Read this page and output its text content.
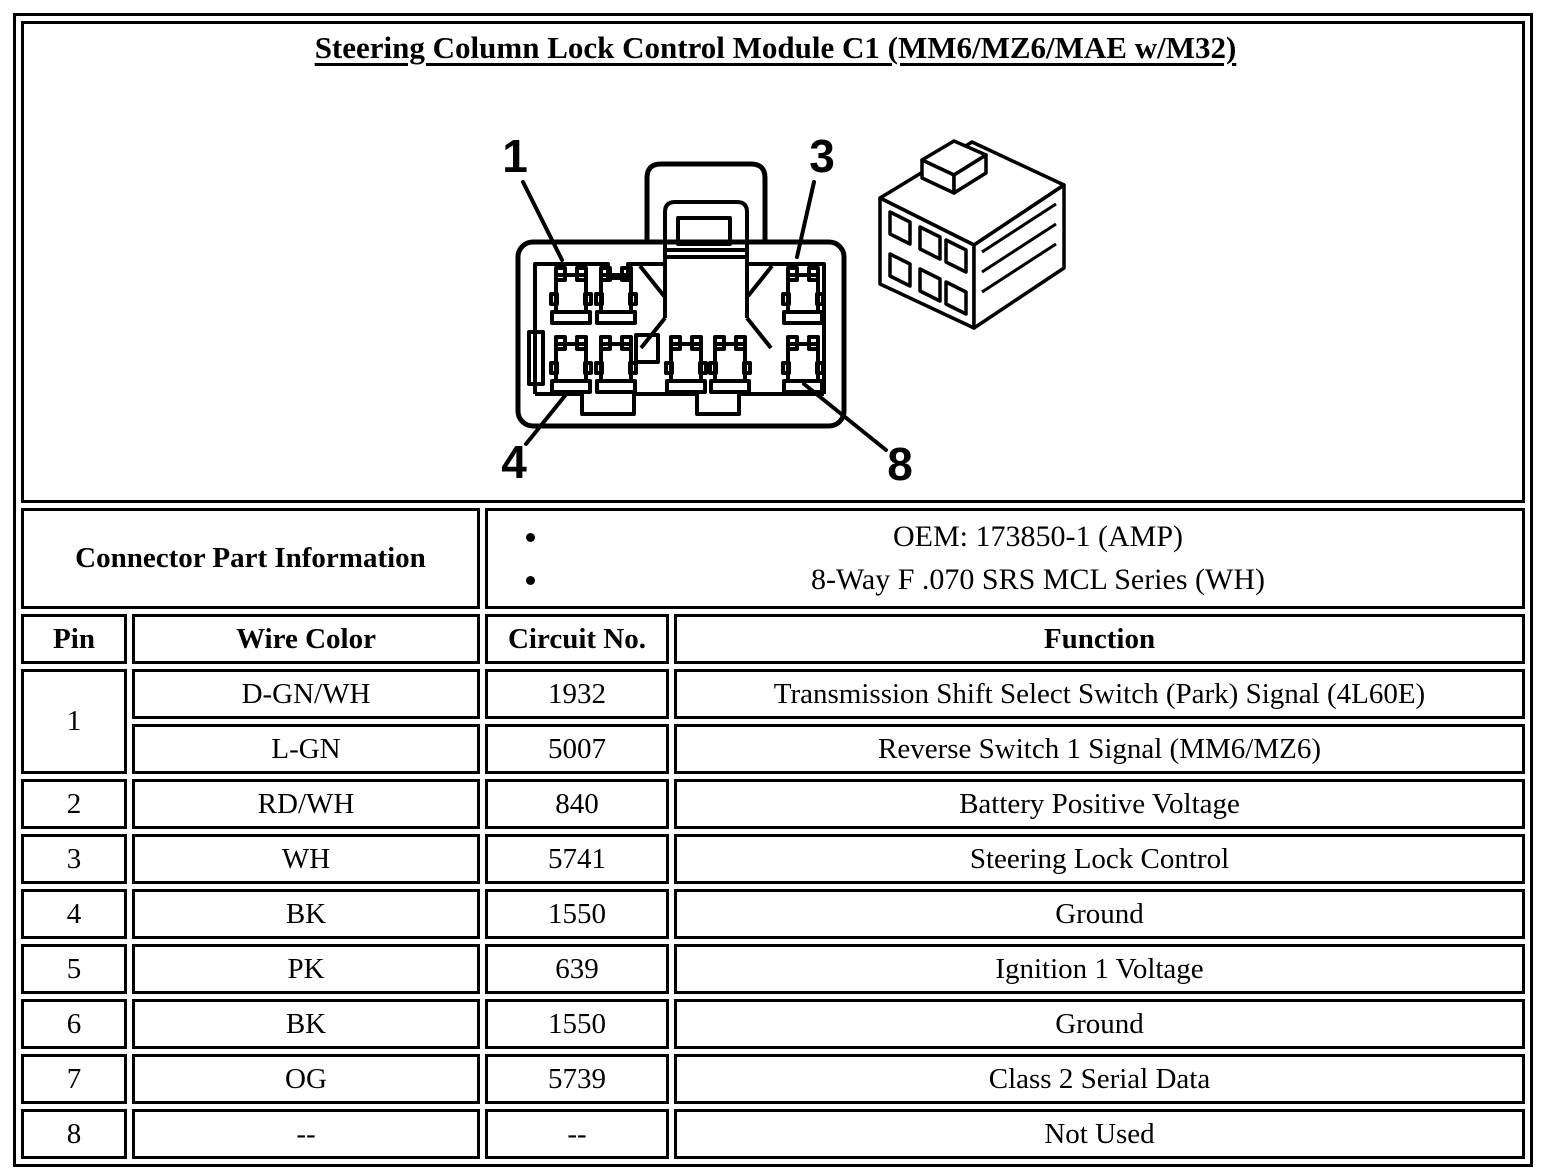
Steering Column Lock Control Module C1 (MM6/MZ6/MAE w/M32)
1 3
4 8			

Connector Part Information	
• OEM: 173850-1 (AMP)
• 8-Way F .070 SRS MCL Series (WH)

Pin	Wire Color	Circuit No.	Function
1	D-GN/WH	1932	Transmission Shift Select Switch (Park) Signal (4L60E)
	L-GN	5007	Reverse Switch 1 Signal (MM6/MZ6)
2	RD/WH	840	Battery Positive Voltage
3	WH	5741	Steering Lock Control
4	BK	1550	Ground
5	PK	639	Ignition 1 Voltage
6	BK	1550	Ground
7	OG	5739	Class 2 Serial Data
8	--	--	Not Used
